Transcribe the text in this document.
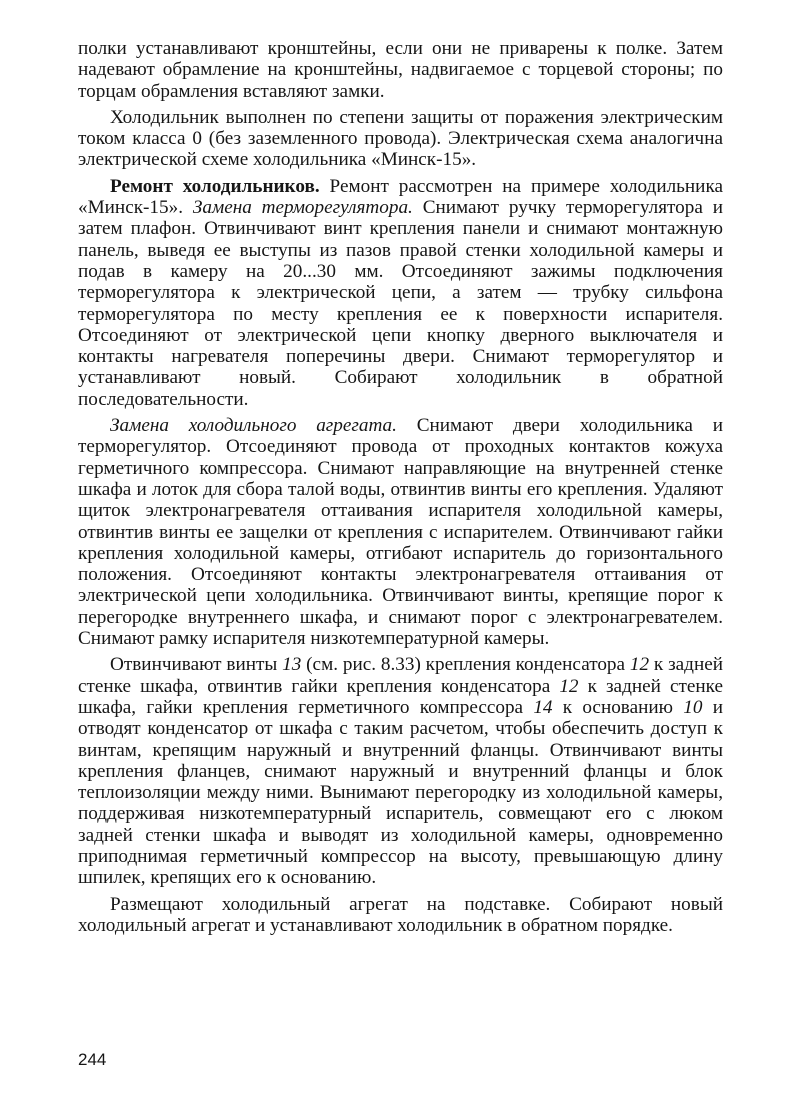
полки устанавливают кронштейны, если они не приварены к полке. Затем надевают обрамление на кронштейны, надвигаемое с торцевой стороны; по торцам обрамления вставляют замки.

Холодильник выполнен по степени защиты от поражения электрическим током класса 0 (без заземленного провода). Электрическая схема аналогична электрической схеме холодильника «Минск-15».

Ремонт холодильников. Ремонт рассмотрен на примере холодильника «Минск-15». Замена терморегулятора. Снимают ручку терморегулятора и затем плафон. Отвинчивают винт крепления панели и снимают монтажную панель, выведя ее выступы из пазов правой стенки холодильной камеры и подав в камеру на 20...30 мм. Отсоединяют зажимы подключения терморегулятора к электрической цепи, а затем — трубку сильфона терморегулятора по месту крепления ее к поверхности испарителя. Отсоединяют от электрической цепи кнопку дверного выключателя и контакты нагревателя поперечины двери. Снимают терморегулятор и устанавливают новый. Собирают холодильник в обратной последовательности.

Замена холодильного агрегата. Снимают двери холодильника и терморегулятор. Отсоединяют провода от проходных контактов кожуха герметичного компрессора. Снимают направляющие на внутренней стенке шкафа и лоток для сбора талой воды, отвинтив винты его крепления. Удаляют щиток электронагревателя оттаивания испарителя холодильной камеры, отвинтив винты ее защелки от крепления с испарителем. Отвинчивают гайки крепления холодильной камеры, отгибают испаритель до горизонтального положения. Отсоединяют контакты электронагревателя оттаивания от электрической цепи холодильника. Отвинчивают винты, крепящие порог к перегородке внутреннего шкафа, и снимают порог с электронагревателем. Снимают рамку испарителя низкотемпературной камеры.

Отвинчивают винты 13 (см. рис. 8.33) крепления конденсатора 12 к задней стенке шкафа, отвинтив гайки крепления конденсатора 12 к задней стенке шкафа, гайки крепления герметичного компрессора 14 к основанию 10 и отводят конденсатор от шкафа с таким расчетом, чтобы обеспечить доступ к винтам, крепящим наружный и внутренний фланцы. Отвинчивают винты крепления фланцев, снимают наружный и внутренний фланцы и блок теплоизоляции между ними. Вынимают перегородку из холодильной камеры, поддерживая низкотемпературный испаритель, совмещают его с люком задней стенки шкафа и выводят из холодильной камеры, одновременно приподнимая герметичный компрессор на высоту, превышающую длину шпилек, крепящих его к основанию.

Размещают холодильный агрегат на подставке. Собирают новый холодильный агрегат и устанавливают холодильник в обратном порядке.

244
